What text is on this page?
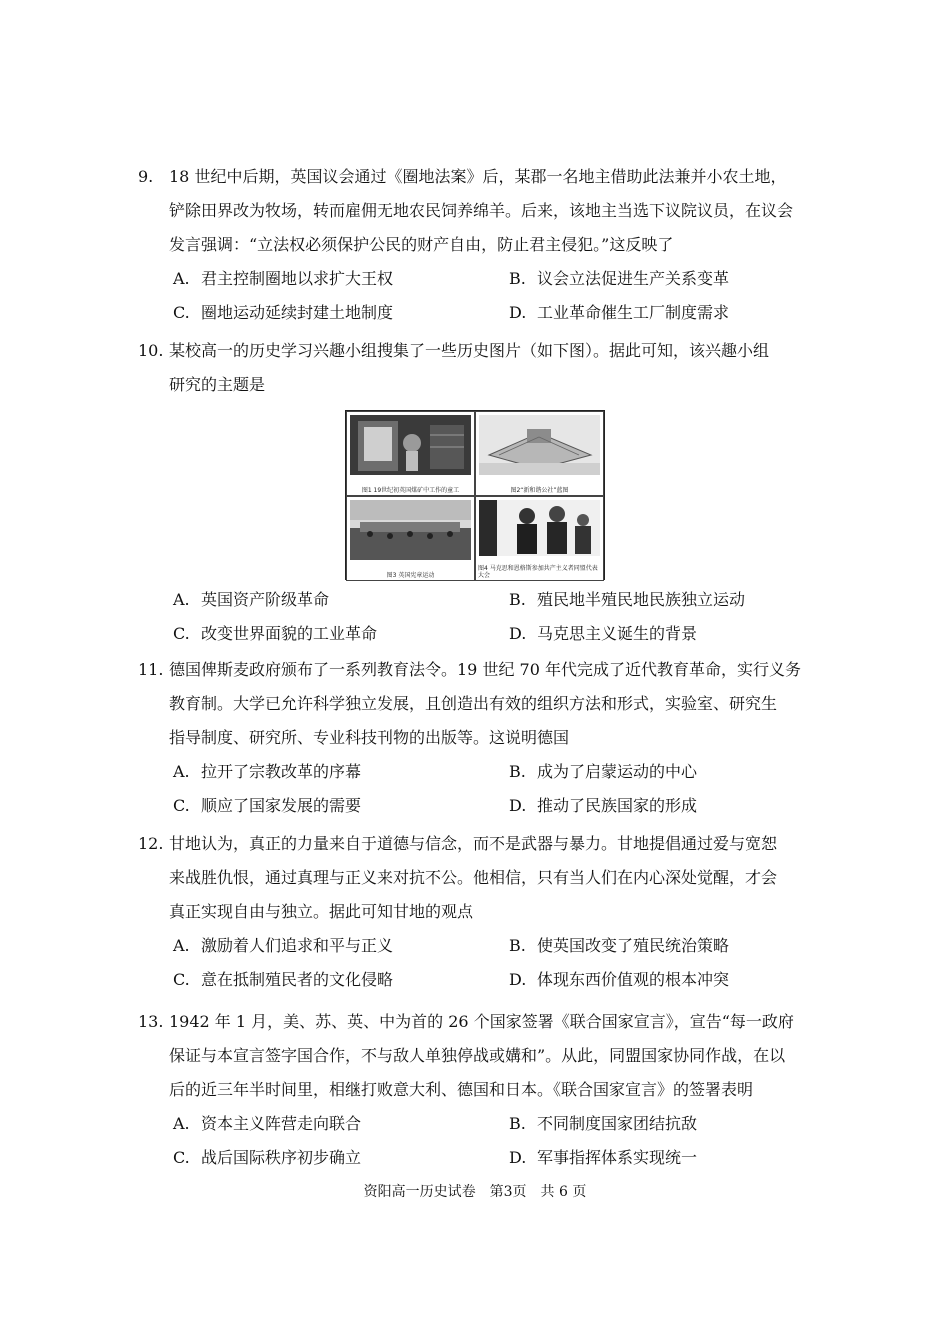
9. 18 世纪中后期，英国议会通过《圈地法案》后，某郡一名地主借助此法兼并小农土地，
铲除田界改为牧场，转而雇佣无地农民饲养绵羊。后来，该地主当选下议院议员，在议会
发言强调：“立法权必须保护公民的财产自由，防止君主侵犯。”这反映了

A. 君主控制圈地以求扩大王权	B. 议会立法促进生产关系变革
C. 圈地运动延续封建土地制度	D. 工业革命催生工厂制度需求

10. 某校高一的历史学习兴趣小组搜集了一些历史图片（如下图）。据此可知，该兴趣小组
研究的主题是

图1 19世纪初英国煤矿中工作的童工	图2“新和谐公社”蓝图
图3 英国宪章运动
图4 马克思和恩格斯参加共产主义者同盟代表大会
A. 英国资产阶级革命	B. 殖民地半殖民地民族独立运动
C. 改变世界面貌的工业革命	D. 马克思主义诞生的背景

11. 德国俾斯麦政府颁布了一系列教育法令。19 世纪 70 年代完成了近代教育革命，实行义务
教育制。大学已允许科学独立发展，且创造出有效的组织方法和形式，实验室、研究生
指导制度、研究所、专业科技刊物的出版等。这说明德国

A. 拉开了宗教改革的序幕	B. 成为了启蒙运动的中心
C. 顺应了国家发展的需要	D. 推动了民族国家的形成

12. 甘地认为，真正的力量来自于道德与信念，而不是武器与暴力。甘地提倡通过爱与宽恕
来战胜仇恨，通过真理与正义来对抗不公。他相信，只有当人们在内心深处觉醒，才会
真正实现自由与独立。据此可知甘地的观点

A. 激励着人们追求和平与正义	B. 使英国改变了殖民统治策略
C. 意在抵制殖民者的文化侵略	D. 体现东西价值观的根本冲突

13. 1942 年 1 月，美、苏、英、中为首的 26 个国家签署《联合国家宣言》，宣告“每一政府
保证与本宣言签字国合作，不与敌人单独停战或媾和”。从此，同盟国家协同作战，在以
后的近三年半时间里，相继打败意大利、德国和日本。《联合国家宣言》的签署表明

A. 资本主义阵营走向联合	B. 不同制度国家团结抗敌
C. 战后国际秩序初步确立	D. 军事指挥体系实现统一
资阳高一历史试卷　第3页　共 6 页
